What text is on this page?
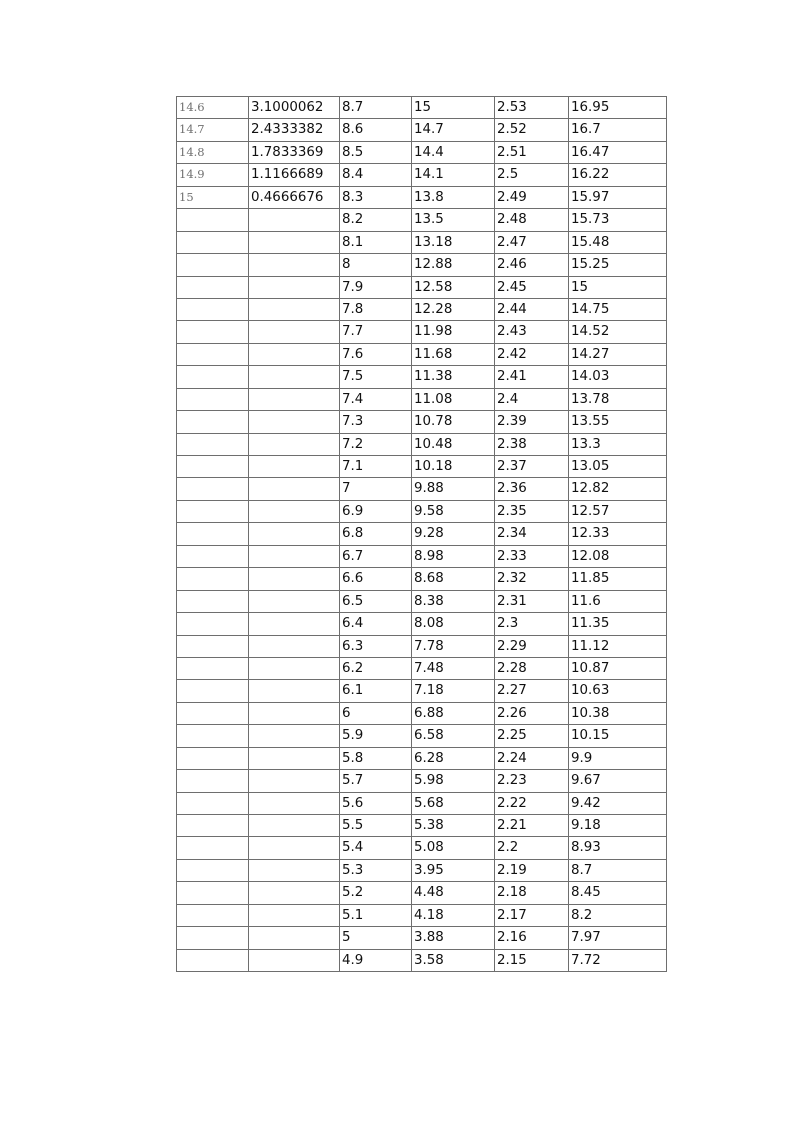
14.6	3.1000062	8.7	15	2.53	16.95
14.7	2.4333382	8.6	14.7	2.52	16.7
14.8	1.7833369	8.5	14.4	2.51	16.47
14.9	1.1166689	8.4	14.1	2.5	16.22
15	0.4666676	8.3	13.8	2.49	15.97
		8.2	13.5	2.48	15.73
		8.1	13.18	2.47	15.48
		8	12.88	2.46	15.25
		7.9	12.58	2.45	15
		7.8	12.28	2.44	14.75
		7.7	11.98	2.43	14.52
		7.6	11.68	2.42	14.27
		7.5	11.38	2.41	14.03
		7.4	11.08	2.4	13.78
		7.3	10.78	2.39	13.55
		7.2	10.48	2.38	13.3
		7.1	10.18	2.37	13.05
		7	9.88	2.36	12.82
		6.9	9.58	2.35	12.57
		6.8	9.28	2.34	12.33
		6.7	8.98	2.33	12.08
		6.6	8.68	2.32	11.85
		6.5	8.38	2.31	11.6
		6.4	8.08	2.3	11.35
		6.3	7.78	2.29	11.12
		6.2	7.48	2.28	10.87
		6.1	7.18	2.27	10.63
		6	6.88	2.26	10.38
		5.9	6.58	2.25	10.15
		5.8	6.28	2.24	9.9
		5.7	5.98	2.23	9.67
		5.6	5.68	2.22	9.42
		5.5	5.38	2.21	9.18
		5.4	5.08	2.2	8.93
		5.3	3.95	2.19	8.7
		5.2	4.48	2.18	8.45
		5.1	4.18	2.17	8.2
		5	3.88	2.16	7.97
		4.9	3.58	2.15	7.72
